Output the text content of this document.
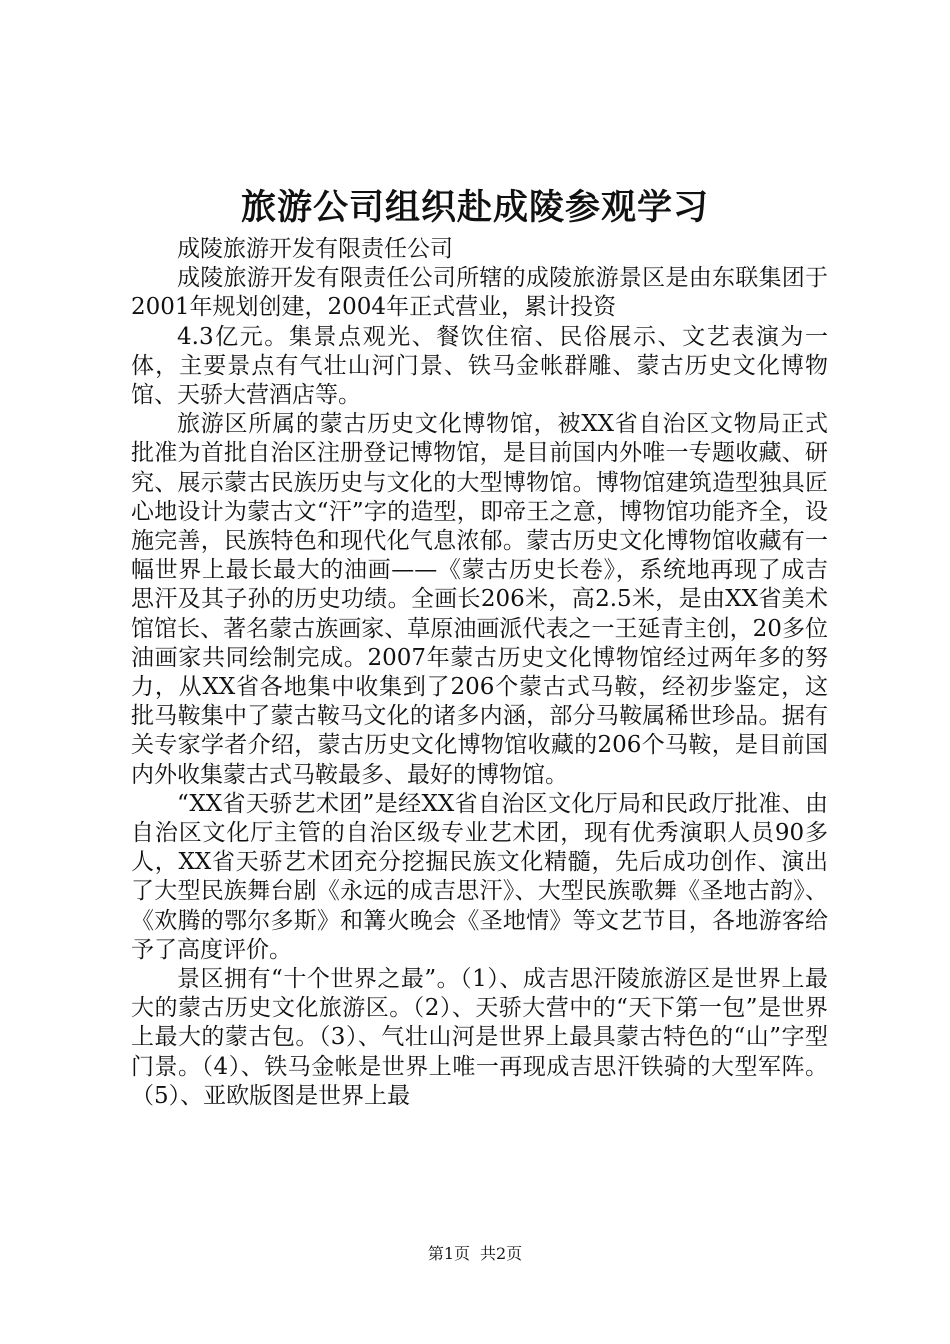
旅游公司组织赴成陵参观学习

成陵旅游开发有限责任公司

成陵旅游开发有限责任公司所辖的成陵旅游景区是由东联集团于2001年规划创建，2004年正式营业，累计投资

4.3亿元。集景点观光、餐饮住宿、民俗展示、文艺表演为一体，主要景点有气壮山河门景、铁马金帐群雕、蒙古历史文化博物馆、天骄大营酒店等。

旅游区所属的蒙古历史文化博物馆，被XX省自治区文物局正式批准为首批自治区注册登记博物馆，是目前国内外唯一专题收藏、研究、展示蒙古民族历史与文化的大型博物馆。博物馆建筑造型独具匠心地设计为蒙古文“汗”字的造型，即帝王之意，博物馆功能齐全，设施完善，民族特色和现代化气息浓郁。蒙古历史文化博物馆收藏有一幅世界上最长最大的油画——《蒙古历史长卷》，系统地再现了成吉思汗及其子孙的历史功绩。全画长206米，高2.5米，是由XX省美术馆馆长、著名蒙古族画家、草原油画派代表之一王延青主创，20多位油画家共同绘制完成。2007年蒙古历史文化博物馆经过两年多的努力，从XX省各地集中收集到了206个蒙古式马鞍，经初步鉴定，这批马鞍集中了蒙古鞍马文化的诸多内涵，部分马鞍属稀世珍品。据有关专家学者介绍，蒙古历史文化博物馆收藏的206个马鞍，是目前国内外收集蒙古式马鞍最多、最好的博物馆。

“XX省天骄艺术团”是经XX省自治区文化厅局和民政厅批准、由自治区文化厅主管的自治区级专业艺术团，现有优秀演职人员90多人，XX省天骄艺术团充分挖掘民族文化精髓，先后成功创作、演出了大型民族舞台剧《永远的成吉思汗》、大型民族歌舞《圣地古韵》、《欢腾的鄂尔多斯》和篝火晚会《圣地情》等文艺节目，各地游客给予了高度评价。

景区拥有“十个世界之最”。（1）、成吉思汗陵旅游区是世界上最大的蒙古历史文化旅游区。（2）、天骄大营中的“天下第一包”是世界上最大的蒙古包。（3）、气壮山河是世界上最具蒙古特色的“山”字型门景。（4）、铁马金帐是世界上唯一再现成吉思汗铁骑的大型军阵。（5）、亚欧版图是世界上最

第1页 共2页
